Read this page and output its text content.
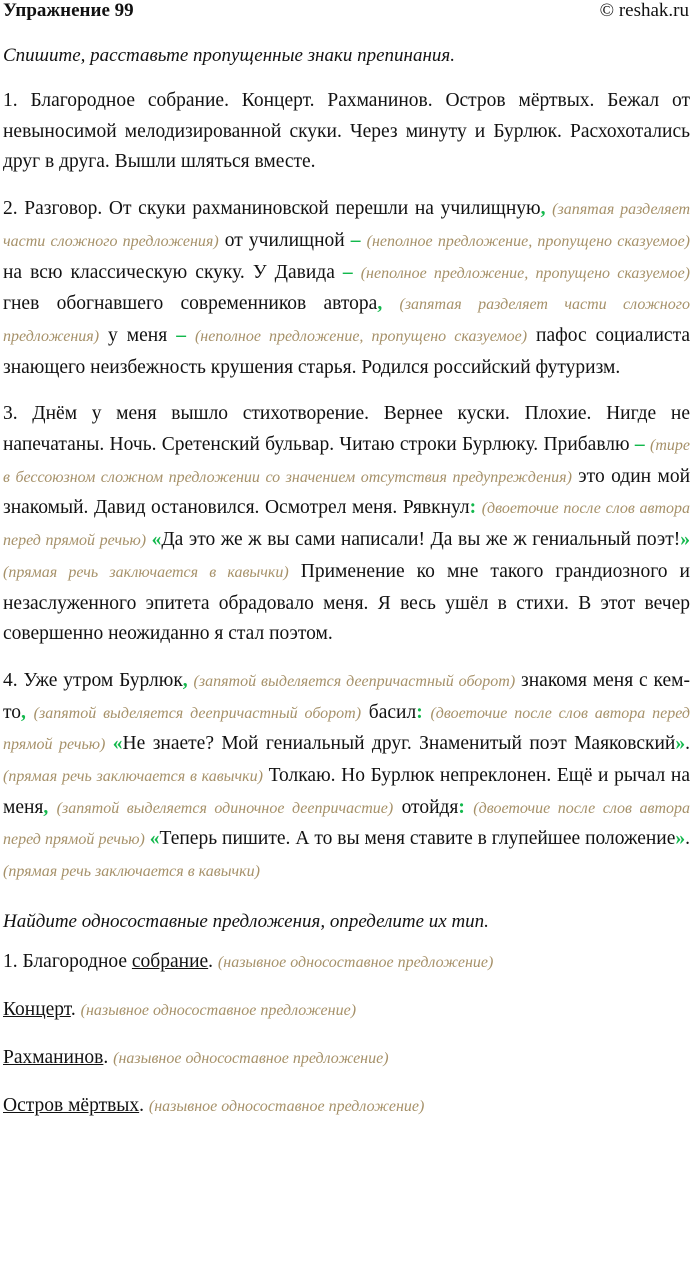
Упражнение 99	© reshak.ru
Спишите, расставьте пропущенные знаки препинания.

1. Благородное собрание. Концерт. Рахманинов. Остров мёртвых. Бежал от невыносимой мелодизированной скуки. Через минуту и Бурлюк. Расхохотались друг в друга. Вышли шляться вместе.

2. Разговор. От скуки рахманиновской перешли на училищную, (запятая разделяет части сложного предложения) от училищной – (неполное предложение, пропущено сказуемое) на всю классическую скуку. У Давида – (неполное предложение, пропущено сказуемое) гнев обогнавшего современников автора, (запятая разделяет части сложного предложения) у меня – (неполное предложение, пропущено сказуемое) пафос социалиста знающего неизбежность крушения старья. Родился российский футуризм.

3. Днём у меня вышло стихотворение. Вернее куски. Плохие. Нигде не напечатаны. Ночь. Сретенский бульвар. Читаю строки Бурлюку. Прибавлю – (тире в бессоюзном сложном предложении со значением отсутствия предупреждения) это один мой знакомый. Давид остановился. Осмотрел меня. Рявкнул: (двоеточие после слов автора перед прямой речью) «Да это же ж вы сами написали! Да вы же ж гениальный поэт!» (прямая речь заключается в кавычки) Применение ко мне такого грандиозного и незаслуженного эпитета обрадовало меня. Я весь ушёл в стихи. В этот вечер совершенно неожиданно я стал поэтом.

4. Уже утром Бурлюк, (запятой выделяется деепричастный оборот) знакомя меня с кем-то, (запятой выделяется деепричастный оборот) басил: (двоеточие после слов автора перед прямой речью) «Не знаете? Мой гениальный друг. Знаменитый поэт Маяковский». (прямая речь заключается в кавычки) Толкаю. Но Бурлюк непреклонен. Ещё и рычал на меня, (запятой выделяется одиночное деепричастие) отойдя: (двоеточие после слов автора перед прямой речью) «Теперь пишите. А то вы меня ставите в глупейшее положение». (прямая речь заключается в кавычки)

Найдите односоставные предложения, определите их тип.
1. Благородное собрание. (назывное односоставное предложение)
Концерт. (назывное односоставное предложение)
Рахманинов. (назывное односоставное предложение)
Остров мёртвых. (назывное односоставное предложение)
